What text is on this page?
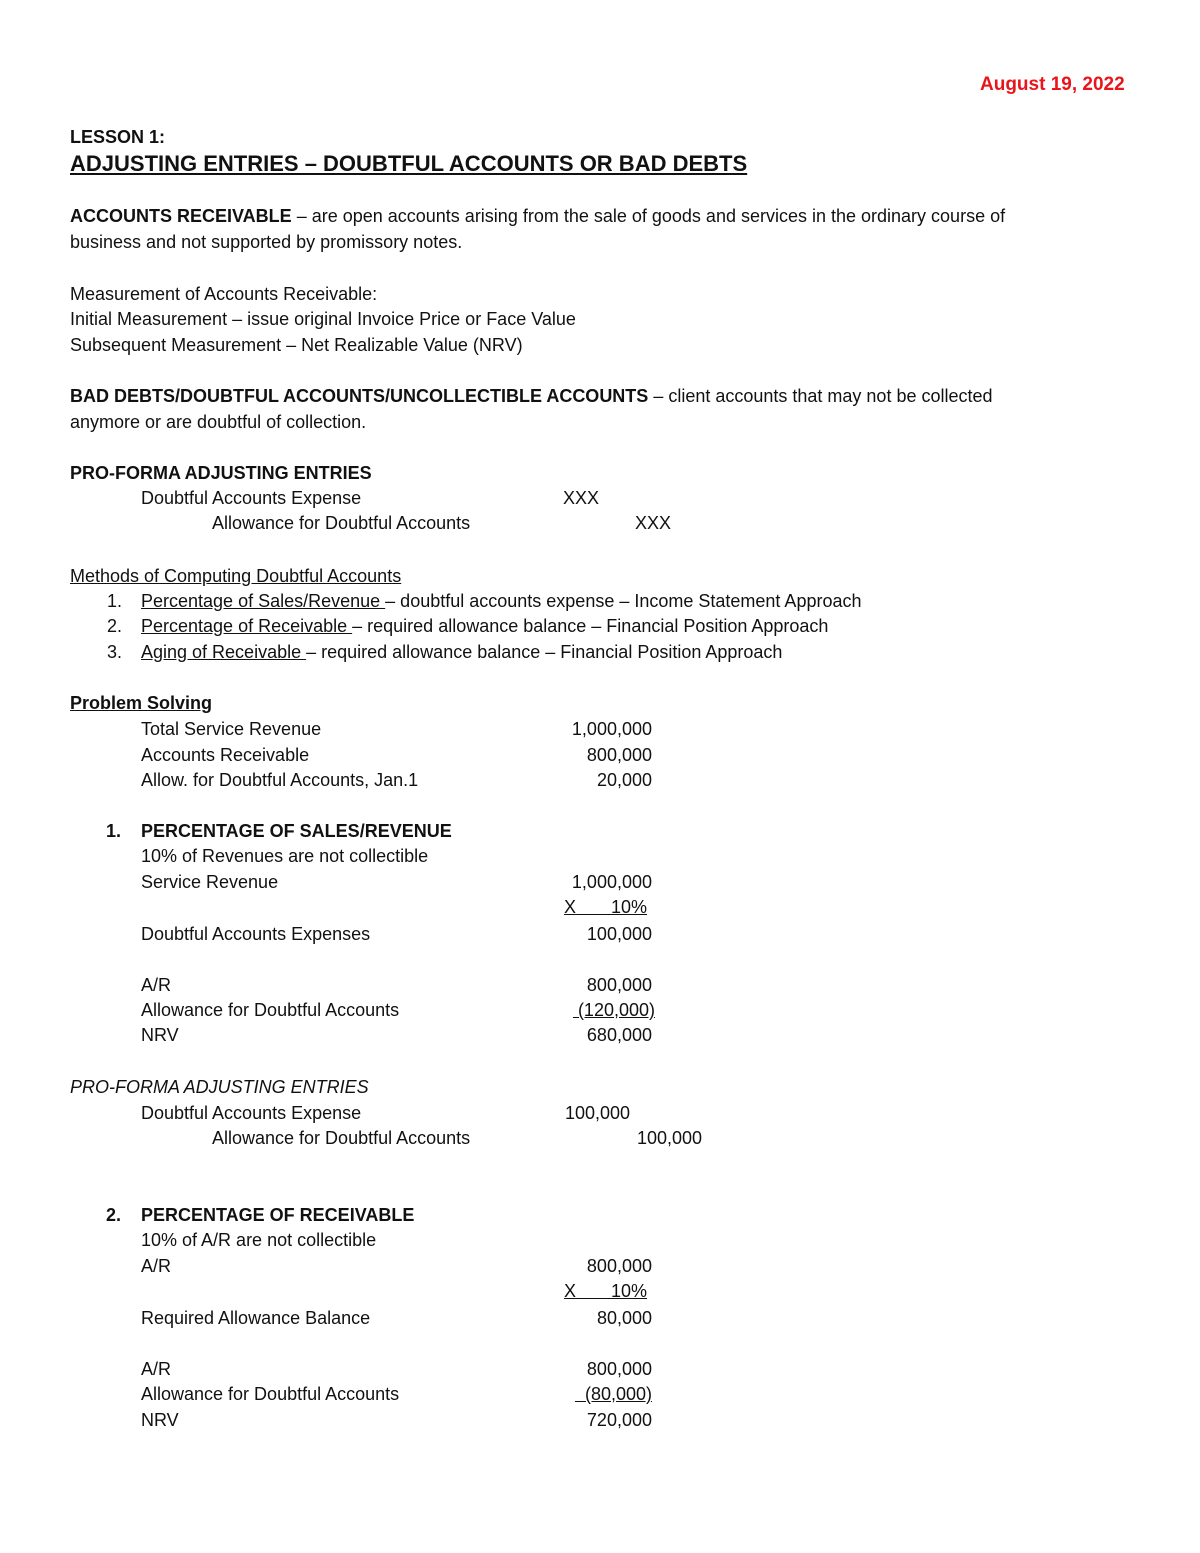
August 19, 2022
LESSON 1:
ADJUSTING ENTRIES – DOUBTFUL ACCOUNTS OR BAD DEBTS
ACCOUNTS RECEIVABLE – are open accounts arising from the sale of goods and services in the ordinary course of
business and not supported by promissory notes.
Measurement of Accounts Receivable:
Initial Measurement – issue original Invoice Price or Face Value
Subsequent Measurement – Net Realizable Value (NRV)
BAD DEBTS/DOUBTFUL ACCOUNTS/UNCOLLECTIBLE ACCOUNTS – client accounts that may not be collected
anymore or are doubtful of collection.
PRO-FORMA ADJUSTING ENTRIES
Doubtful Accounts Expense	XXX
Allowance for Doubtful Accounts	XXX
Methods of Computing Doubtful Accounts
1. Percentage of Sales/Revenue – doubtful accounts expense – Income Statement Approach
2. Percentage of Receivable – required allowance balance – Financial Position Approach
3. Aging of Receivable – required allowance balance – Financial Position Approach
Problem Solving
Total Service Revenue	1,000,000
Accounts Receivable	800,000
Allow. for Doubtful Accounts, Jan.1	20,000
1. PERCENTAGE OF SALES/REVENUE
10% of Revenues are not collectible
Service Revenue	1,000,000
X       10%
Doubtful Accounts Expenses	100,000
A/R	800,000
Allowance for Doubtful Accounts	(120,000)
NRV	680,000
PRO-FORMA ADJUSTING ENTRIES
Doubtful Accounts Expense	100,000
Allowance for Doubtful Accounts	100,000
2. PERCENTAGE OF RECEIVABLE
10% of A/R are not collectible
A/R	800,000
X       10%
Required Allowance Balance	80,000
A/R	800,000
Allowance for Doubtful Accounts	(80,000)
NRV	720,000
